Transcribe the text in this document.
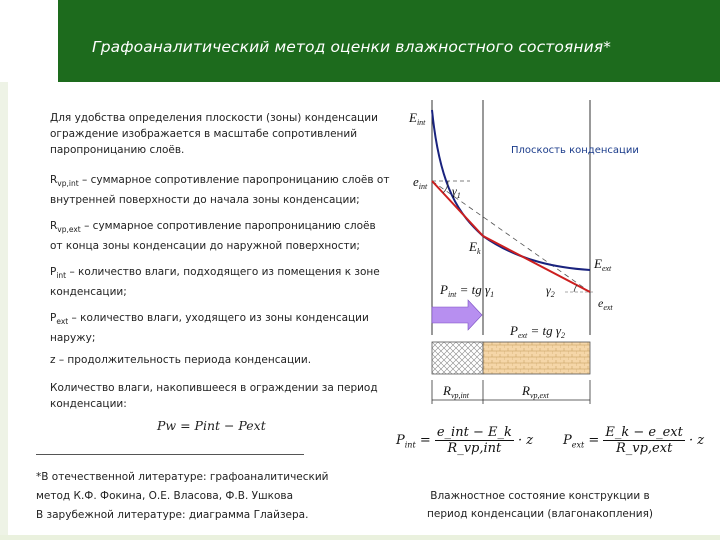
Графоаналитический метод оценки влажностного состояния*
Для удобства определения плоскости (зоны) конденсации ограждение изображается в масштабе сопротивлений паропроницанию слоёв.
$R_{vp,int}$ – суммарное сопротивление паропроницанию слоёв от внутренней поверхности до начала зоны конденсации;
$R_{vp,ext}$ – суммарное сопротивление паропроницанию слоёв от конца зоны конденсации до наружной поверхности;
$P_{int}$ – количество влаги, подходящего из помещения к зоне конденсации;
$P_{ext}$ – количество влаги, уходящего из зоны конденсации наружу;
z – продолжительность периода конденсации.
Количество влаги, накопившееся в ограждении за период конденсации:
Pw = Pint − Pext
*В отечественной литературе: графоаналитический метод К.Ф. Фокина, О.Е. Власова, Ф.В. Ушкова
В зарубежной литературе: диаграмма Глайзера.
$E_{int}$
Плоскость конденсации
$e_{int}$ $\gamma_1$
$E_k$
$E_{ext}$
$P_{int}$ = tg $\gamma_1$	$\gamma_2$
$e_{ext}$
$P_{ext}$ = tg $\gamma_2$
$R_{vp,int}$	$R_{vp,ext}$
$P_{int} = \frac{\text{e\_int − E\_k}}{\text{R\_vp,int}} \cdot z$ $P_{ext} = \frac{\text{E\_k − e\_ext}}{\text{R\_vp,ext}} \cdot z$
Влажностное состояние конструкции в период конденсации (влагонакопления)
